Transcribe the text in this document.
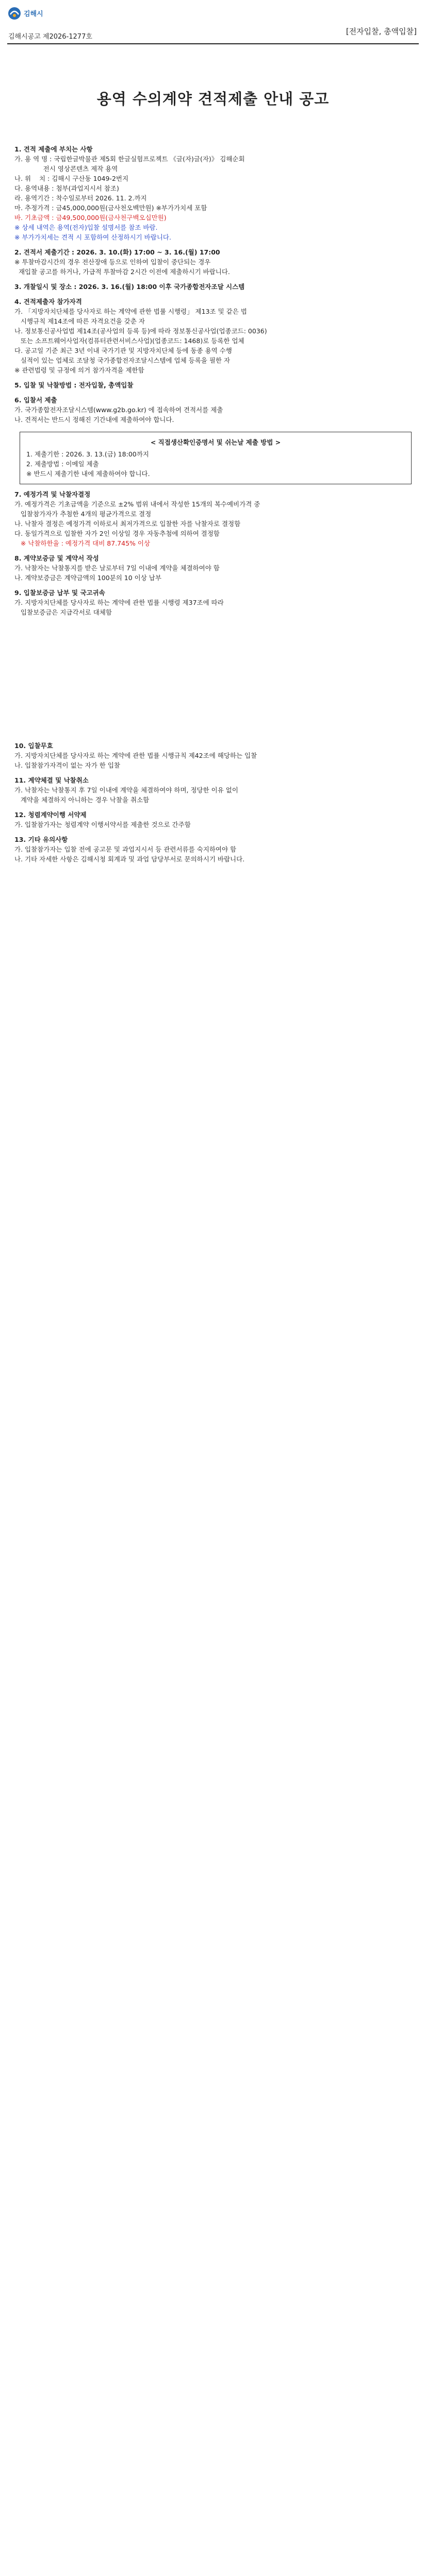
김해시
김해시공고 제2026-1277호
[전자입찰, 총액입찰]
용역 수의계약 견적제출 안내 공고
1. 견적 제출에 부치는 사항
가. 용 역 명 : 국립한글박물관 제5회 한글실험프로젝트 《글(자)글(자)》 김해순회
전시 영상콘텐츠 제작 용역
나. 위    치 : 김해시 구산동 1049-2번지
다. 용역내용 : 첨부(과업지시서 참조)
라. 용역기간 : 착수일로부터 2026. 11. 2.까지
마. 추정가격 : 금45,000,000원(금사천오백만원) ※부가가치세 포함
바. 기초금액 : 금49,500,000원(금사천구백오십만원)
※ 상세 내역은 용역(전자)입찰 설명서를 참조 바람.
※ 부가가치세는 견적 시 포함하여 산정하시기 바랍니다.
2. 견적서 제출기간 : 2026. 3. 10.(화) 17:00 ~ 3. 16.(월) 17:00
※ 투찰마감시간의 경우 전산장애 등으로 인하여 입찰이 중단되는 경우
재입찰 공고를 하거나, 가급적 투찰마감 2시간 이전에 제출하시기 바랍니다.
3. 개찰일시 및 장소 : 2026. 3. 16.(월) 18:00 이후 국가종합전자조달 시스템
4. 견적제출자 참가자격
가. 「지방자치단체를 당사자로 하는 계약에 관한 법률 시행령」 제13조 및 같은 법
시행규칙 제14조에 따른 자격요건을 갖춘 자
나. 정보통신공사업법 제14조(공사업의 등록 등)에 따라 정보통신공사업(업종코드: 0036)
또는 소프트웨어사업자(컴퓨터관련서비스사업)(업종코드: 1468)로 등록한 업체
다. 공고일 기준 최근 3년 이내 국가기관 및 지방자치단체 등에 동종 용역 수행
실적이 있는 업체로 조달청 국가종합전자조달시스템에 업체 등록을 필한 자
※ 관련법령 및 규정에 의거 참가자격을 제한함
5. 입찰 및 낙찰방법 : 전자입찰, 총액입찰
6. 입찰서 제출
가. 국가종합전자조달시스템(www.g2b.go.kr) 에 접속하여 견적서를 제출
나. 견적서는 반드시 정해진 기간내에 제출하여야 합니다.
< 직접생산확인증명서 및 쉬는날 제출 방법 >
1. 제출기한 : 2026. 3. 13.(금) 18:00까지
2. 제출방법 : 이메일 제출
※ 반드시 제출기한 내에 제출하여야 합니다.
7. 예정가격 및 낙찰자결정
가. 예정가격은 기초금액을 기준으로 ±2% 범위 내에서 작성한 15개의 복수예비가격 중
입찰참가자가 추첨한 4개의 평균가격으로 결정
나. 낙찰자 결정은 예정가격 이하로서 최저가격으로 입찰한 자를 낙찰자로 결정함
다. 동일가격으로 입찰한 자가 2인 이상일 경우 자동추첨에 의하여 결정함
※ 낙찰하한율 : 예정가격 대비 87.745% 이상
8. 계약보증금 및 계약서 작성
가. 낙찰자는 낙찰통지를 받은 날로부터 7일 이내에 계약을 체결하여야 함
나. 계약보증금은 계약금액의 100분의 10 이상 납부
9. 입찰보증금 납부 및 국고귀속
가. 지방자치단체를 당사자로 하는 계약에 관한 법률 시행령 제37조에 따라
입찰보증금은 지급각서로 대체함
10. 입찰무효
가. 지방자치단체를 당사자로 하는 계약에 관한 법률 시행규칙 제42조에 해당하는 입찰
나. 입찰참가자격이 없는 자가 한 입찰
11. 계약체결 및 낙찰취소
가. 낙찰자는 낙찰통지 후 7일 이내에 계약을 체결하여야 하며, 정당한 이유 없이
계약을 체결하지 아니하는 경우 낙찰을 취소함
12. 청렴계약이행 서약제
가. 입찰참가자는 청렴계약 이행서약서를 제출한 것으로 간주함
13. 기타 유의사항
가. 입찰참가자는 입찰 전에 공고문 및 과업지시서 등 관련서류를 숙지하여야 함
나. 기타 자세한 사항은 김해시청 회계과 및 과업 담당부서로 문의하시기 바랍니다.
